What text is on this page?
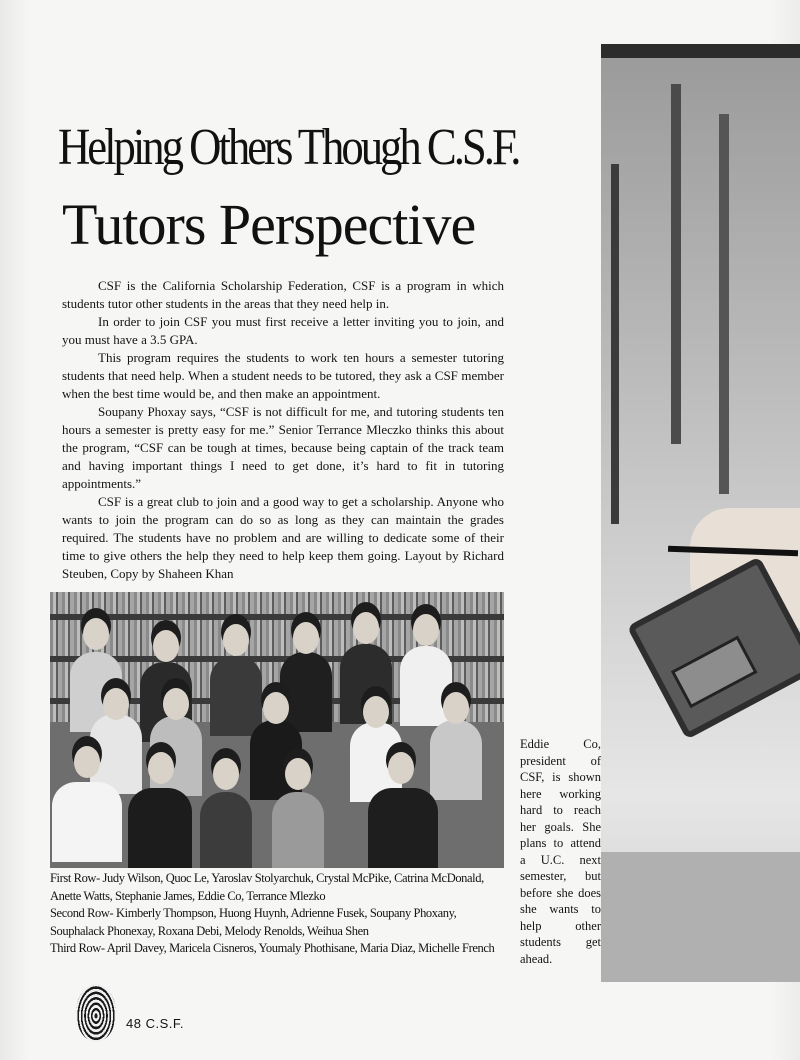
Helping Others Though C.S.F.
Tutors Perspective

CSF is the California Scholarship Federation, CSF is a program in which students tutor other students in the areas that they need help in.

In order to join CSF you must first receive a letter inviting you to join, and you must have a 3.5 GPA.

This program requires the students to work ten hours a semester tutoring students that need help. When a student needs to be tutored, they ask a CSF member when the best time would be, and then make an appointment.

Soupany Phoxay says, “CSF is not difficult for me, and tutoring students ten hours a semester is pretty easy for me.” Senior Terrance Mleczko thinks this about the program, “CSF can be tough at times, because being captain of the track team and having important things I need to get done, it’s hard to fit in tutoring appointments.”

CSF is a great club to join and a good way to get a scholarship. Anyone who wants to join the program can do so as long as they can maintain the grades required. The students have no problem and are willing to dedicate some of their time to give others the help they need to help keep them going. Layout by Richard Steuben, Copy by Shaheen Khan

First Row- Judy Wilson, Quoc Le, Yaroslav Stolyarchuk, Crystal McPike, Catrina McDonald, Anette Watts, Stephanie James, Eddie Co, Terrance Mlezko

Second Row- Kimberly Thompson, Huong Huynh, Adrienne Fusek, Soupany Phoxany, Souphalack Phonexay, Roxana Debi, Melody Renolds, Weihua Shen

Third Row- April Davey, Maricela Cisneros, Youmaly Phothisane, Maria Diaz, Michelle French

Eddie Co, president of CSF, is shown here working hard to reach her goals. She plans to attend a U.C. next semester, but before she does she wants to help other students get ahead.
48 C.S.F.
